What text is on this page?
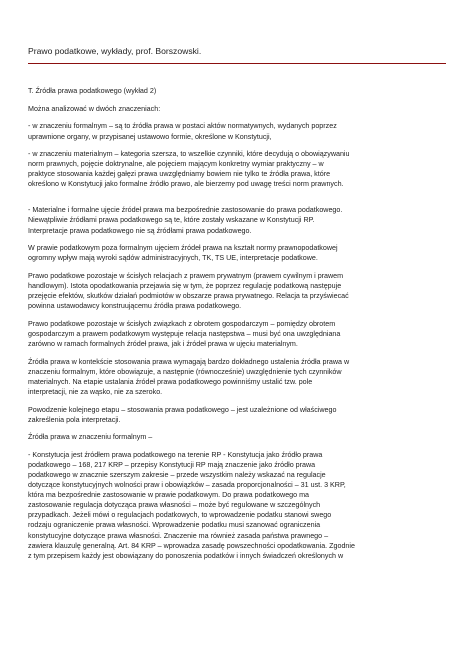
Prawo podatkowe, wykłady, prof. Borszowski.
T. Źródła prawa podatkowego (wykład 2)
Można analizować w dwóch znaczeniach:
- w znaczeniu formalnym – są to źródła prawa w postaci aktów normatywnych, wydanych poprzez
uprawnione organy, w przypisanej ustawowo formie, określone w Konstytucji,
- w znaczeniu materialnym – kategoria szersza, to wszelkie czynniki, które decydują o obowiązywaniu
norm prawnych, pojęcie doktrynalne, ale pojęciem mającym konkretny wymiar praktyczny – w
praktyce stosowania każdej gałęzi prawa uwzględniamy bowiem nie tylko te źródła prawa, które
określono w Konstytucji jako formalne źródło prawo, ale bierzemy pod uwagę treści norm prawnych.
- Materialne i formalne ujęcie źródeł prawa ma bezpośrednie zastosowanie do prawa podatkowego.
Niewątpliwie źródłami prawa podatkowego są te, które zostały wskazane w Konstytucji RP.
Interpretacje prawa podatkowego nie są źródłami prawa podatkowego.
W prawie podatkowym poza formalnym ujęciem źródeł prawa na kształt normy prawnopodatkowej
ogromny wpływ mają wyroki sądów administracyjnych, TK, TS UE, interpretacje podatkowe.
Prawo podatkowe pozostaje w ścisłych relacjach z prawem prywatnym (prawem cywilnym i prawem
handlowym). Istota opodatkowania przejawia się w tym, że poprzez regulację podatkową następuje
przejęcie efektów, skutków działań podmiotów w obszarze prawa prywatnego. Relacja ta przyświecać
powinna ustawodawcy konstruującemu źródła prawa podatkowego.
Prawo podatkowe pozostaje w ścisłych związkach z obrotem gospodarczym – pomiędzy obrotem
gospodarczym a prawem podatkowym występuje relacja następstwa – musi być ona uwzględniana
zarówno w ramach formalnych źródeł prawa, jak i źródeł prawa w ujęciu materialnym.
Źródła prawa w kontekście stosowania prawa wymagają bardzo dokładnego ustalenia źródła prawa w
znaczeniu formalnym, które obowiązuje, a następnie (równocześnie) uwzględnienie tych czynników
materialnych. Na etapie ustalania źródeł prawa podatkowego powinniśmy ustalić tzw. pole
interpretacji, nie za wąsko, nie za szeroko.
Powodzenie kolejnego etapu – stosowania prawa podatkowego – jest uzależnione od właściwego
zakreślenia pola interpretacji.
Źródła prawa w znaczeniu formalnym –
- Konstytucja jest źródłem prawa podatkowego na terenie RP - Konstytucja jako źródło prawa
podatkowego – 168, 217 KRP – przepisy Konstytucji RP mają znaczenie jako źródło prawa
podatkowego w znacznie szerszym zakresie – przede wszystkim należy wskazać na regulacje
dotyczące konstytucyjnych wolności praw i obowiązków – zasada proporcjonalności – 31 ust. 3 KRP,
która ma bezpośrednie zastosowanie w prawie podatkowym. Do prawa podatkowego ma
zastosowanie regulacja dotycząca prawa własności – może być regulowane w szczególnych
przypadkach. Jeżeli mówi o regulacjach podatkowych, to wprowadzenie podatku stanowi swego
rodzaju ograniczenie prawa własności. Wprowadzenie podatku musi szanować ograniczenia
konstytucyjne dotyczące prawa własności. Znaczenie ma również zasada państwa prawnego –
zawiera klauzulę generalną. Art. 84 KRP – wprowadza zasadę powszechności opodatkowania. Zgodnie
z tym przepisem każdy jest obowiązany do ponoszenia podatków i innych świadczeń określonych w
